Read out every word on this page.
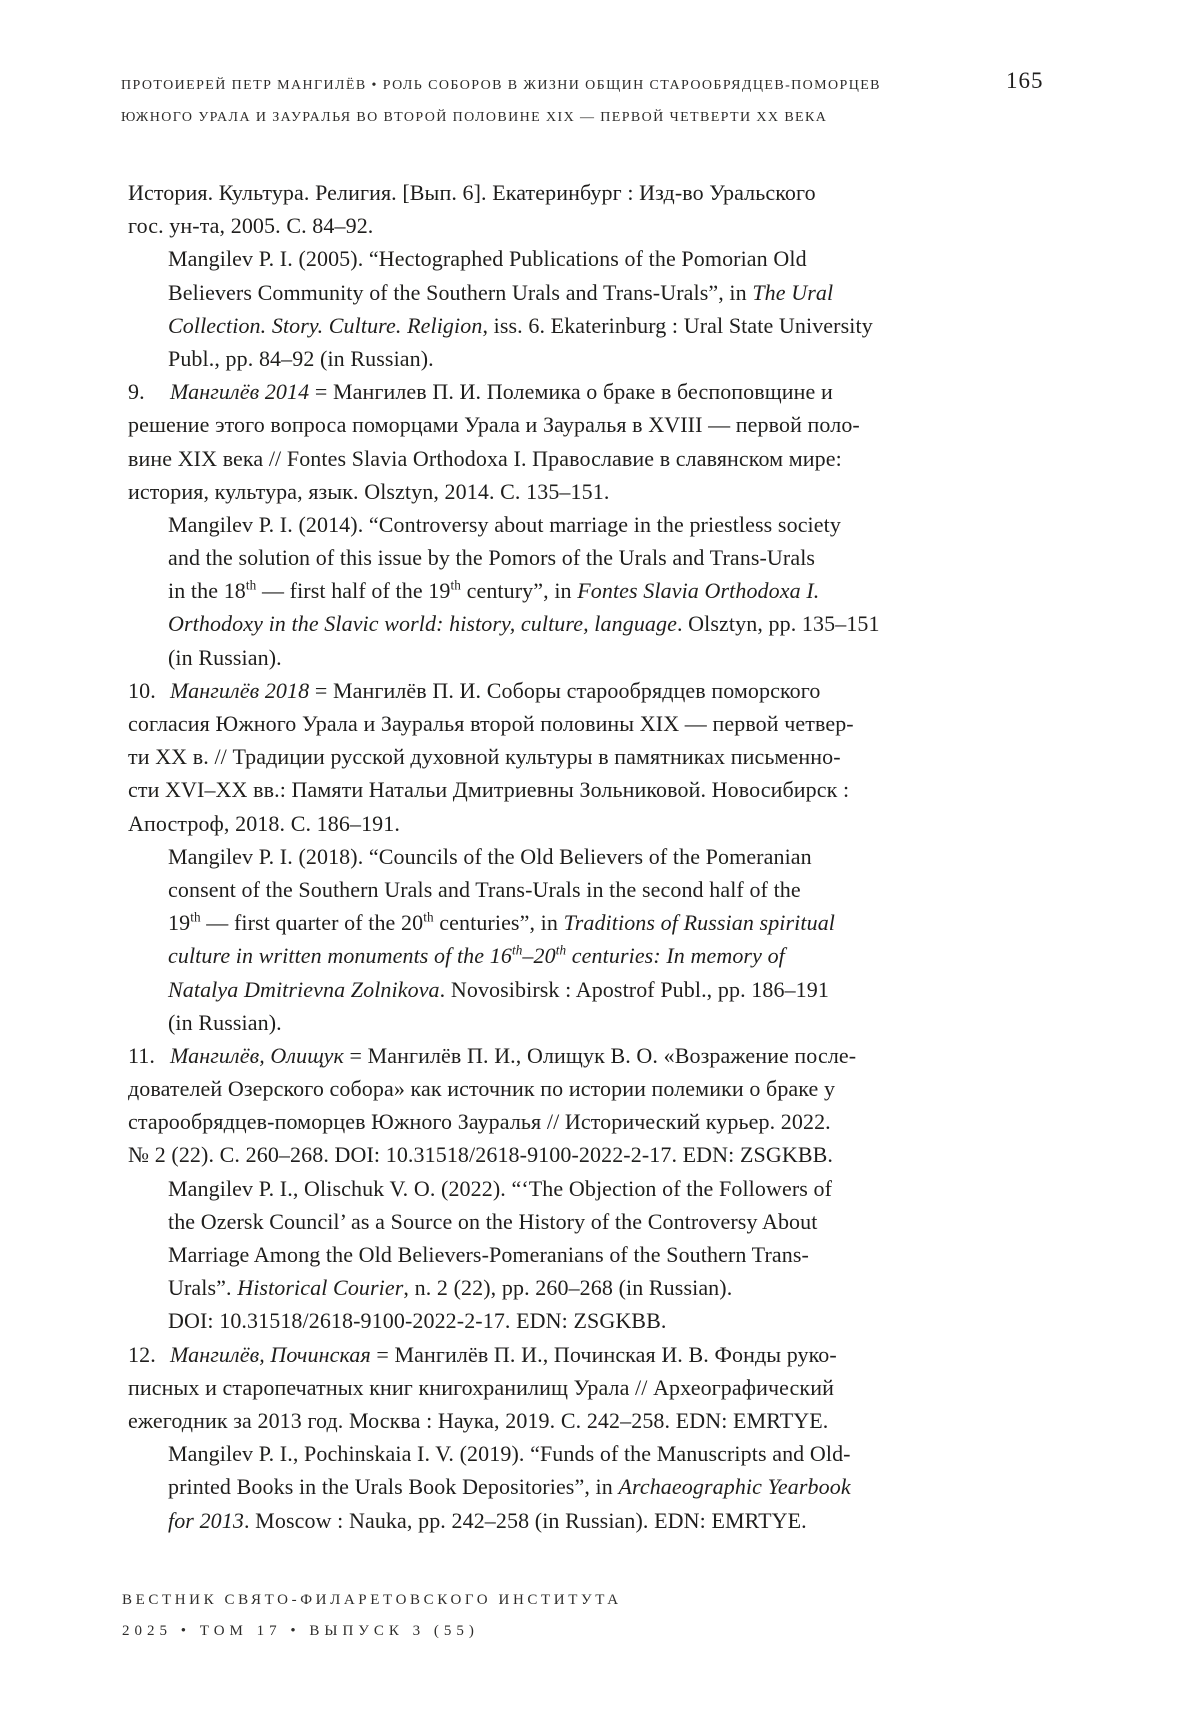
ПРОТОИЕРЕЙ ПЕТР МАНГИЛЁВ • РОЛЬ СОБОРОВ В ЖИЗНИ ОБЩИН СТАРООБРЯДЦЕВ-ПОМОРЦЕВ
ЮЖНОГО УРАЛА И ЗАУРАЛЬЯ ВО ВТОРОЙ ПОЛОВИНЕ XIX — ПЕРВОЙ ЧЕТВЕРТИ XX ВЕКА
165
История. Культура. Религия. [Вып. 6]. Екатеринбург : Изд-во Уральского
гос. ун-та, 2005. С. 84–92.
Mangilev P. I. (2005). “Hectographed Publications of the Pomorian Old
Believers Community of the Southern Urals and Trans-Urals”, in The Ural
Collection. Story. Culture. Religion, iss. 6. Ekaterinburg : Ural State University
Publ., pp. 84–92 (in Russian).
9. Мангилёв 2014 = Мангилев П. И. Полемика о браке в беспоповщине и
решение этого вопроса поморцами Урала и Зауралья в XVIII — первой поло-
вине XIX века // Fontes Slavia Orthodoxa I. Православие в славянском мире:
история, культура, язык. Olsztyn, 2014. С. 135–151.
Mangilev P. I. (2014). “Controversy about marriage in the priestless society
and the solution of this issue by the Pomors of the Urals and Trans-Urals
in the 18th — first half of the 19th century”, in Fontes Slavia Orthodoxa I.
Orthodoxy in the Slavic world: history, culture, language. Olsztyn, pp. 135–151
(in Russian).
10. Мангилёв 2018 = Мангилёв П. И. Соборы старообрядцев поморского
согласия Южного Урала и Зауралья второй половины XIX — первой четвер-
ти XX в. // Традиции русской духовной культуры в памятниках письменно-
сти XVI–XX вв.: Памяти Натальи Дмитриевны Зольниковой. Новосибирск :
Апостроф, 2018. С. 186–191.
Mangilev P. I. (2018). “Councils of the Old Believers of the Pomeranian
consent of the Southern Urals and Trans-Urals in the second half of the
19th — first quarter of the 20th centuries”, in Traditions of Russian spiritual
culture in written monuments of the 16th–20th centuries: In memory of
Natalya Dmitrievna Zolnikova. Novosibirsk : Apostrof Publ., pp. 186–191
(in Russian).
11. Мангилёв, Олищук = Мангилёв П. И., Олищук В. О. «Возражение после-
дователей Озерского собора» как источник по истории полемики о браке у
старообрядцев-поморцев Южного Зауралья // Исторический курьер. 2022.
№ 2 (22). С. 260–268. DOI: 10.31518/2618-9100-2022-2-17. EDN: ZSGKBB.
Mangilev P. I., Olischuk V. O. (2022). “‘The Objection of the Followers of
the Ozersk Council’ as a Source on the History of the Controversy About
Marriage Among the Old Believers-Pomeranians of the Southern Trans-
Urals”. Historical Courier, n. 2 (22), pp. 260–268 (in Russian).
DOI: 10.31518/2618-9100-2022-2-17. EDN: ZSGKBB.
12. Мангилёв, Починская = Мангилёв П. И., Починская И. В. Фонды руко-
писных и старопечатных книг книгохранилищ Урала // Археографический
ежегодник за 2013 год. Москва : Наука, 2019. С. 242–258. EDN: EMRTYE.
Mangilev P. I., Pochinskaia I. V. (2019). “Funds of the Manuscripts and Old-
printed Books in the Urals Book Depositories”, in Archaeographic Yearbook
for 2013. Moscow : Nauka, pp. 242–258 (in Russian). EDN: EMRTYE.
ВЕСТНИК СВЯТО-ФИЛАРЕТОВСКОГО ИНСТИТУТА
2025 • ТОМ 17 • ВЫПУСК 3 (55)
